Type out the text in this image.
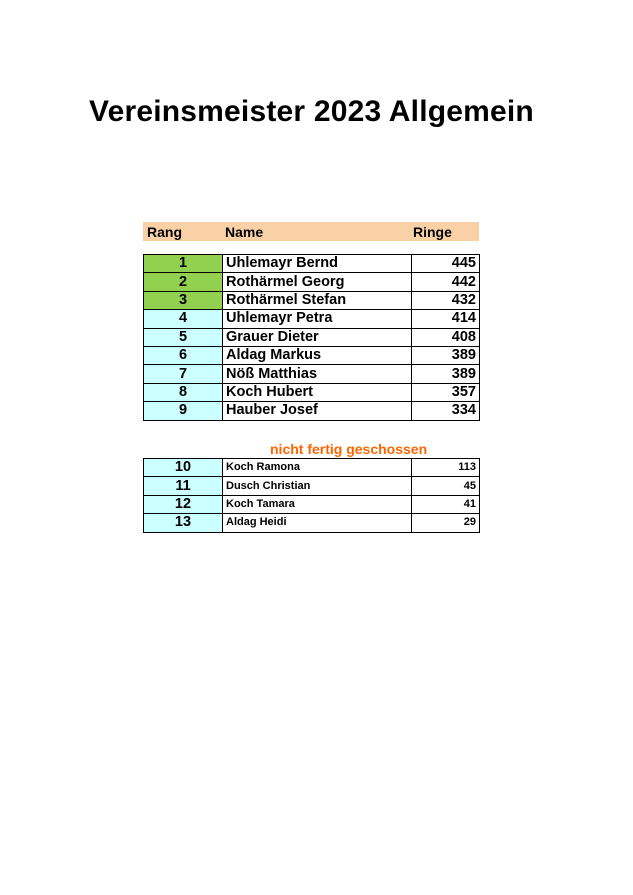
Vereinsmeister 2023 Allgemein
Rang	Name	Ringe
1	Uhlemayr Bernd	445
2	Rothärmel Georg	442
3	Rothärmel Stefan	432
4	Uhlemayr Petra	414
5	Grauer Dieter	408
6	Aldag Markus	389
7	Nöß Matthias	389
8	Koch Hubert	357
9	Hauber Josef	334
nicht fertig geschossen
10	Koch Ramona	113
11	Dusch Christian	45
12	Koch Tamara	41
13	Aldag Heidi	29
